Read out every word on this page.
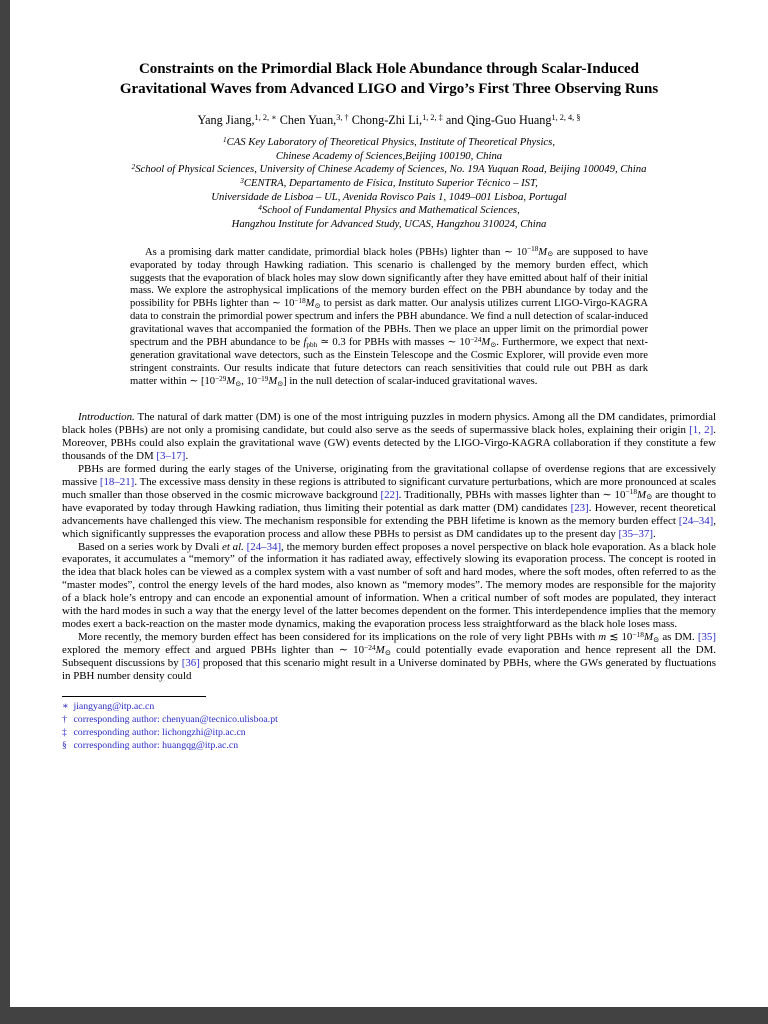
Constraints on the Primordial Black Hole Abundance through Scalar-Induced
Gravitational Waves from Advanced LIGO and Virgo’s First Three Observing Runs
Yang Jiang,$^{1, 2, ∗}$ Chen Yuan,$^{3, \dagger}$ Chong-Zhi Li,$^{1, 2, \ddagger}$ and Qing-Guo Huang$^{1, 2, 4, \S}$
$^1$CAS Key Laboratory of Theoretical Physics, Institute of Theoretical Physics,
Chinese Academy of Sciences,Beijing 100190, China
$^2$School of Physical Sciences, University of Chinese Academy of Sciences, No. 19A Yuquan Road, Beijing 100049, China
$^3$CENTRA, Departamento de Física, Instituto Superior Técnico – IST,
Universidade de Lisboa – UL, Avenida Rovisco Pais 1, 1049–001 Lisboa, Portugal
$^4$School of Fundamental Physics and Mathematical Sciences,
Hangzhou Institute for Advanced Study, UCAS, Hangzhou 310024, China
As a promising dark matter candidate, primordial black holes (PBHs) lighter than ∼ $10^{-18}M⊙$ are supposed to have evaporated by today through Hawking radiation. This scenario is challenged by the memory burden effect, which suggests that the evaporation of black holes may slow down significantly after they have emitted about half of their initial mass. We explore the astrophysical implications of the memory burden effect on the PBH abundance by today and the possibility for PBHs lighter than ∼ $10^{-18}M⊙$ to persist as dark matter. Our analysis utilizes current LIGO-Virgo-KAGRA data to constrain the primordial power spectrum and infers the PBH abundance. We find a null detection of scalar-induced gravitational waves that accompanied the formation of the PBHs. Then we place an upper limit on the primordial power spectrum and the PBH abundance to be fpbh ≃ 0.3 for PBHs with masses ∼ $10^{-24}M⊙$. Furthermore, we expect that next-generation gravitational wave detectors, such as the Einstein Telescope and the Cosmic Explorer, will provide even more stringent constraints. Our results indicate that future detectors can reach sensitivities that could rule out PBH as dark matter within ∼ [$10^{-29}M⊙$, $10^{-19}M⊙$] in the null detection of scalar-induced gravitational waves.

Introduction. The natural of dark matter (DM) is one of the most intriguing puzzles in modern physics. Among all the DM candidates, primordial black holes (PBHs) are not only a promising candidate, but could also serve as the seeds of supermassive black holes, explaining their origin [1, 2]. Moreover, PBHs could also explain the gravitational wave (GW) events detected by the LIGO-Virgo-KAGRA collaboration if they constitute a few thousands of the DM [3–17].

PBHs are formed during the early stages of the Universe, originating from the gravitational collapse of overdense regions that are excessively massive [18–21]. The excessive mass density in these regions is attributed to significant curvature perturbations, which are more pronounced at scales much smaller than those observed in the cosmic microwave background [22]. Traditionally, PBHs with masses lighter than ∼ $10^{-18}M⊙$ are thought to have evaporated by today through Hawking radiation, thus limiting their potential as dark matter (DM) candidates [23]. However, recent theoretical advancements have challenged this view. The mechanism responsible for extending the PBH lifetime is known as the memory burden effect [24–34], which significantly suppresses the evaporation process and allow these PBHs to persist as DM candidates up to the present day [35–37].

Based on a series work by Dvali et al. [24–34], the memory burden effect proposes a novel perspective on black hole evaporation. As a black hole evaporates, it accumulates a “memory” of the information it has radiated away, effectively slowing its evaporation process. The concept is rooted in the idea that black holes can be viewed as a complex system with a vast number of soft and hard modes, where the soft modes, often referred to as the “master modes”, control the energy levels of the hard modes, also known as “memory modes”. The memory modes are responsible for the majority of a black hole’s entropy and can encode an exponential amount of information. When a critical number of soft modes are populated, they interact with the hard modes in such a way that the energy level of the latter becomes dependent on the former. This interdependence implies that the memory modes exert a back-reaction on the master mode dynamics, making the evaporation process less straightforward as the black hole loses mass.

More recently, the memory burden effect has been considered for its implications on the role of very light PBHs with m ≲ $10^{-18}M⊙$ as DM. [35] explored the memory effect and argued PBHs lighter than ∼ $10^{-24}M⊙$ could potentially evade evaporation and hence represent all the DM. Subsequent discussions by [36] proposed that this scenario might result in a Universe dominated by PBHs, where the GWs generated by fluctuations in PBH number density could

∗ jiangyang@itp.ac.cn
† corresponding author: chenyuan@tecnico.ulisboa.pt
‡ corresponding author: lichongzhi@itp.ac.cn
§ corresponding author: huangqg@itp.ac.cn
